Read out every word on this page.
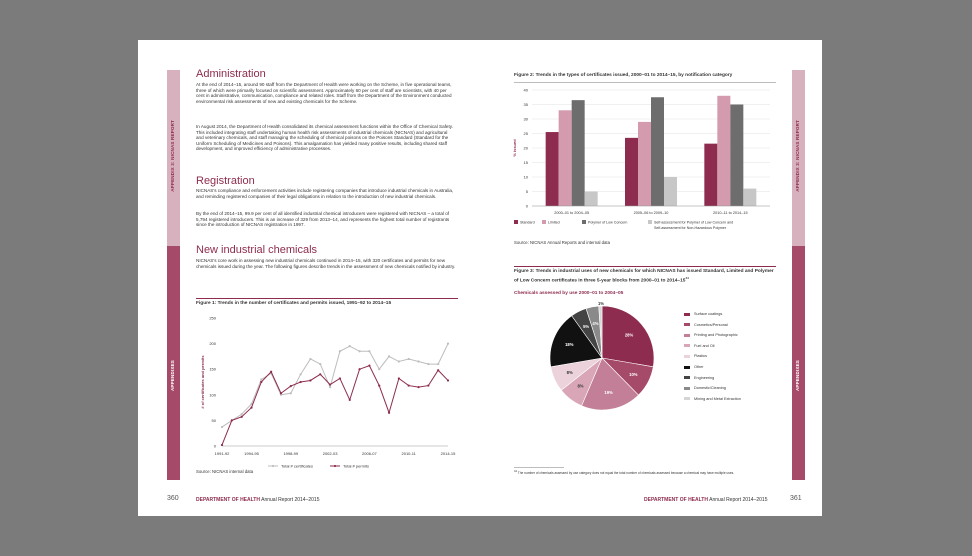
APPENDIX 3: NICNAS REPORT
APPENDIXES
Administration

At the end of 2014–15, around 90 staff from the Department of Health were working on the Scheme, in five operational teams, three of which were primarily focused on scientific assessment. Approximately 60 per cent of staff are scientists, with 40 per cent in administrative, communication, compliance and related roles. Staff from the Department of the Environment conducted environmental risk assessments of new and existing chemicals for the Scheme.

In August 2014, the Department of Health consolidated its chemical assessment functions within the Office of Chemical Safety. This included integrating staff undertaking human health risk assessments of industrial chemicals (NICNAS) and agricultural and veterinary chemicals, and staff managing the scheduling of chemical poisons on the Poisons Standard (Standard for the Uniform Scheduling of Medicines and Poisons). This amalgamation has yielded many positive results, including shared staff development, and improved efficiency of administrative processes.

Registration

NICNAS's compliance and enforcement activities include registering companies that introduce industrial chemicals in Australia, and reminding registered companies of their legal obligations in relation to the introduction of new industrial chemicals.

By the end of 2014–15, 99.9 per cent of all identified industrial chemical introducers were registered with NICNAS – a total of 5,794 registered introducers. This is an increase of 329 from 2013–14, and represents the highest total number of registrants since the introduction of NICNAS registration in 1997.

New industrial chemicals

NICNAS's core work in assessing new industrial chemicals continued in 2014–15, with 320 certificates and permits for new chemicals issued during the year. The following figures describe trends in the assessment of new chemicals notified by industry.

Figure 1: Trends in the number of certificates and permits issued, 1991–92 to 2014–15

0
50
100
150
200
250
1991-92	1994-95	1998-99	2002-03	2006-07	2010-11	2014-15
# of certificates and permits
Total # certificates	Total # permits
Source: NICNAS internal data
360	DEPARTMENT OF HEALTH Annual Report 2014–2015
APPENDIX 3: NICNAS REPORT
APPENDIXES

Figure 2: Trends in the types of certificates issued, 2000–01 to 2014–15, by notification category

0
5
10
15
20
25
30
35
40
% issued
2000–01 to 2004–05	2005–06 to 2009–10	2010–11 to 2014–15
Standard	Limited	Polymer of Low Concern	Self-assessment for Polymer of Low Concern and
Self-assessment for Non-Hazardous Polymer
Source: NICNAS Annual Reports and internal data

Figure 3: Trends in industrial uses of new chemicals for which NICNAS has issued Standard, Limited and Polymer of Low Concern certificates in three 5-year blocks from 2000–01 to $2014-15^{44}$

Chemicals assessed by use 2000–01 to 2004–05
28%
10%
19%
8%
8%
18%
5%
4%
1%
Surface coatings
Cosmetics/Personal
Printing and Photographic
Fuel and Oil
Plastics
Other
Engineering
Domestic/Cleaning
Mining and Metal Extraction
$^{44}$ The number of chemicals assessed by use category does not equal the total number of chemicals assessed because a chemical may have multiple uses.
DEPARTMENT OF HEALTH Annual Report 2014–2015	361
